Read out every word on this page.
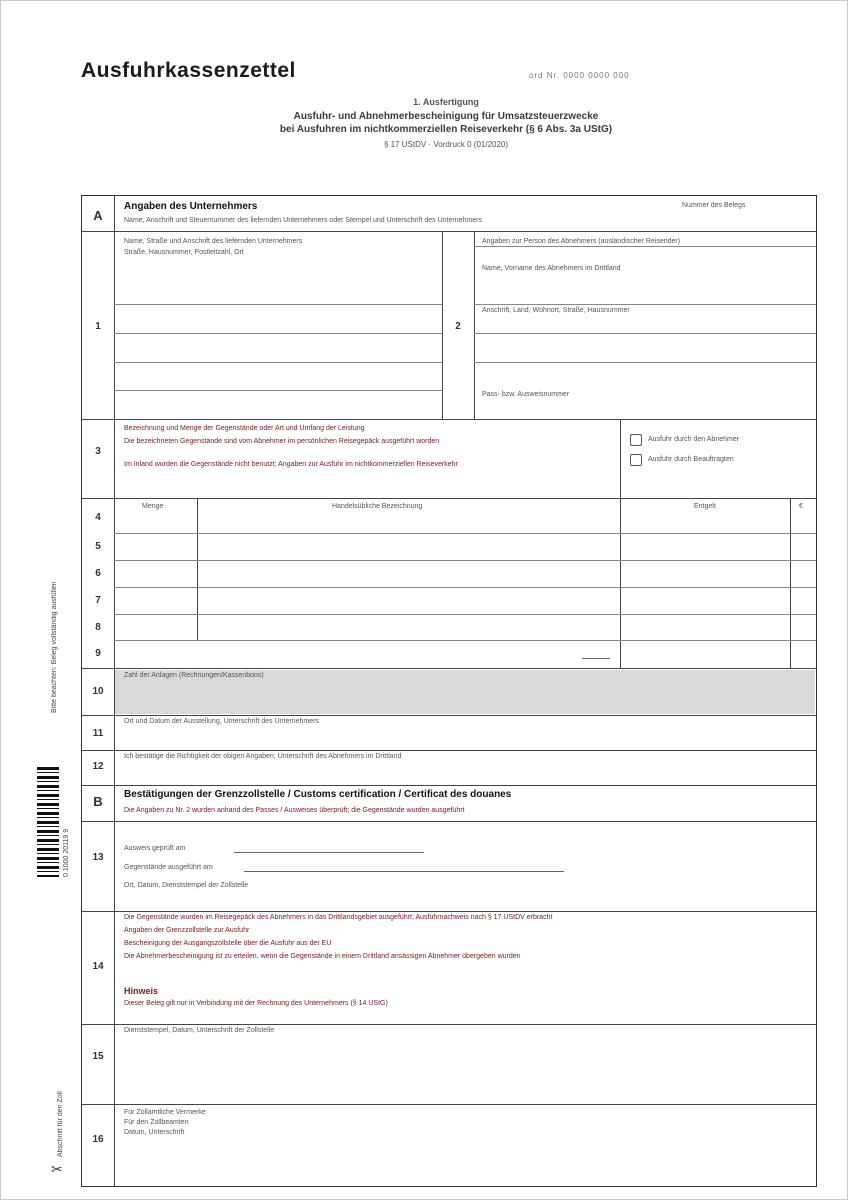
Ausfuhrkassenzettel	ord Nr. 0000 0000 000
1. Ausfertigung
Ausfuhr- und Abnehmerbescheinigung für Umsatzsteuerzwecke
bei Ausfuhren im nichtkommerziellen Reiseverkehr (§ 6 Abs. 3a UStG)
§ 17 UStDV · Vordruck 0 (01/2020)
Bitte beachten: Beleg vollständig ausfüllen
0 1000 20119 9
Abschnitt für den Zoll
✂
A
Angaben des Unternehmers
Name, Anschrift und Steuernummer des liefernden Unternehmers oder Stempel und Unterschrift des Unternehmers
Nummer des Belegs
1
Name, Straße und Anschrift des liefernden Unternehmers
Straße, Hausnummer, Postleitzahl, Ort
2
Angaben zur Person des Abnehmers (ausländischer Reisender)
Name, Vorname des Abnehmers im Drittland
Anschrift, Land, Wohnort, Straße, Hausnummer
Pass- bzw. Ausweisnummer
3
Bezeichnung und Menge der Gegenstände oder Art und Umfang der Leistung
Die bezeichneten Gegenstände sind vom Abnehmer im persönlichen Reisegepäck ausgeführt worden
Im Inland wurden die Gegenstände nicht benutzt; Angaben zur Ausfuhr im nichtkommerziellen Reiseverkehr
Ausfuhr durch den Abnehmer
Ausfuhr durch Beauftragten
Menge	Handelsübliche Bezeichnung	Entgelt	€
4
5
6
7
8
9
10
Zahl der Anlagen (Rechnungen/Kassenbons)
11
Ort und Datum der Ausstellung, Unterschrift des Unternehmers
12
Ich bestätige die Richtigkeit der obigen Angaben; Unterschrift des Abnehmers im Drittland
B	Bestätigungen der Grenzzollstelle / Customs certification / Certificat des douanes
Die Angaben zu Nr. 2 wurden anhand des Passes / Ausweises überprüft; die Gegenstände wurden ausgeführt
13
Ausweis geprüft am
Gegenstände ausgeführt am
Ort, Datum, Dienststempel der Zollstelle
14
Die Gegenstände wurden im Reisegepäck des Abnehmers in das Drittlandsgebiet ausgeführt; Ausfuhrnachweis nach § 17 UStDV erbracht
Angaben der Grenzzollstelle zur Ausfuhr
Bescheinigung der Ausgangszollstelle über die Ausfuhr aus der EU
Die Abnehmerbescheinigung ist zu erteilen, wenn die Gegenstände in einem Drittland ansässigen Abnehmer übergeben wurden
Hinweis
Dieser Beleg gilt nur in Verbindung mit der Rechnung des Unternehmers (§ 14 UStG)
15
Dienststempel, Datum, Unterschrift der Zollstelle
16
Für Zollamtliche Vermerke
Für den Zollbeamten
Datum, Unterschrift
